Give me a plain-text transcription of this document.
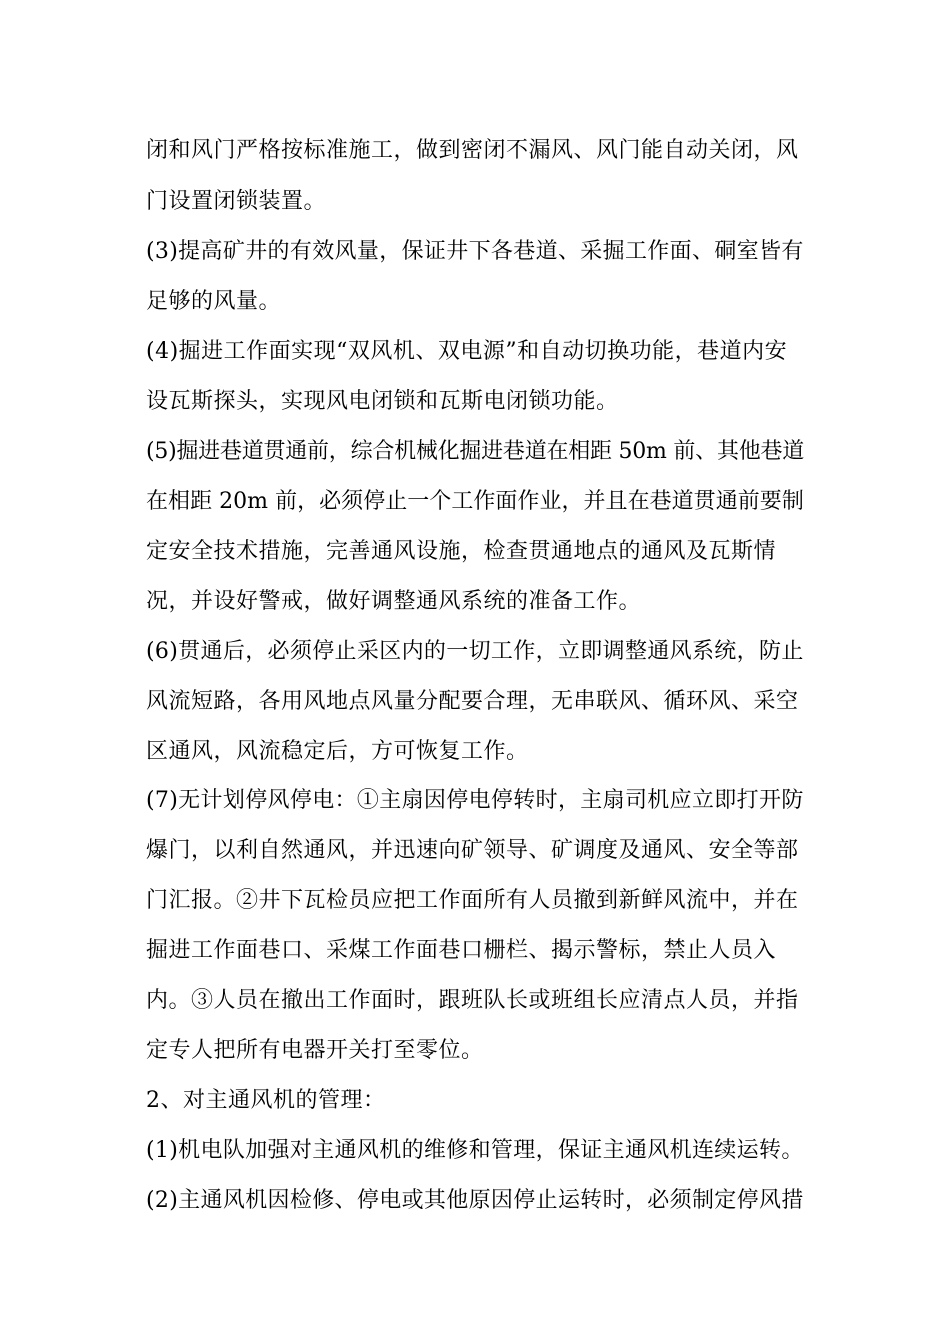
闭和风门严格按标准施工，做到密闭不漏风、风门能自动关闭，风
门设置闭锁装置。
(3)提高矿井的有效风量，保证井下各巷道、采掘工作面、硐室皆有
足够的风量。
(4)掘进工作面实现“双风机、双电源”和自动切换功能，巷道内安
设瓦斯探头，实现风电闭锁和瓦斯电闭锁功能。
(5)掘进巷道贯通前，综合机械化掘进巷道在相距 50m 前、其他巷道
在相距 20m 前，必须停止一个工作面作业，并且在巷道贯通前要制
定安全技术措施，完善通风设施，检查贯通地点的通风及瓦斯情
况，并设好警戒，做好调整通风系统的准备工作。
(6)贯通后，必须停止采区内的一切工作，立即调整通风系统，防止
风流短路，各用风地点风量分配要合理，无串联风、循环风、采空
区通风，风流稳定后，方可恢复工作。
(7)无计划停风停电：①主扇因停电停转时，主扇司机应立即打开防
爆门，以利自然通风，并迅速向矿领导、矿调度及通风、安全等部
门汇报。②井下瓦检员应把工作面所有人员撤到新鲜风流中，并在
掘进工作面巷口、采煤工作面巷口栅栏、揭示警标，禁止人员入
内。③人员在撤出工作面时，跟班队长或班组长应清点人员，并指
定专人把所有电器开关打至零位。
2、对主通风机的管理：
(1)机电队加强对主通风机的维修和管理，保证主通风机连续运转。
(2)主通风机因检修、停电或其他原因停止运转时，必须制定停风措
